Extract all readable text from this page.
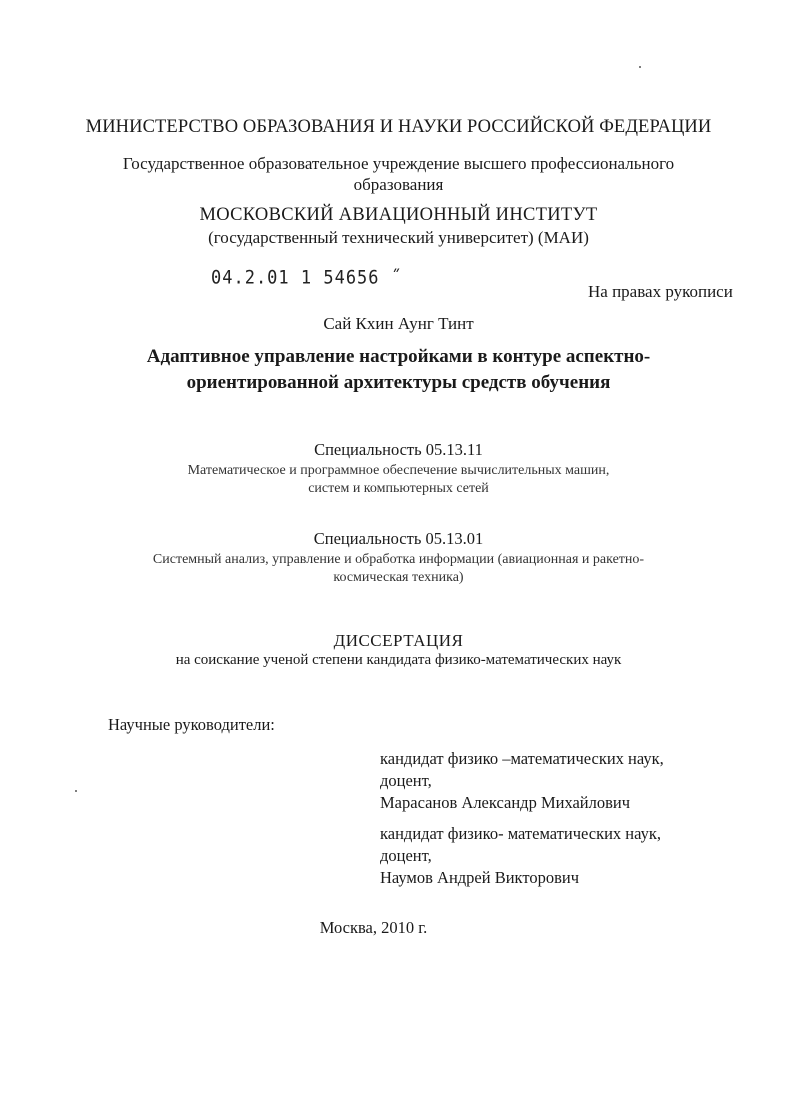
МИНИСТЕРСТВО ОБРАЗОВАНИЯ И НАУКИ РОССИЙСКОЙ ФЕДЕРАЦИИ
Государственное образовательное учреждение высшего профессионального
образования
МОСКОВСКИЙ АВИАЦИОННЫЙ ИНСТИТУТ
(государственный технический университет) (МАИ)
04.2.01 1 54656 ˝
На правах рукописи
Сай Кхин Аунг Тинт
Адаптивное управление настройками в контуре аспектно-
ориентированной архитектуры средств обучения
Специальность 05.13.11
Математическое и программное обеспечение вычислительных машин,
систем и компьютерных сетей
Специальность 05.13.01
Системный анализ, управление и обработка информации (авиационная и ракетно-
космическая техника)
ДИССЕРТАЦИЯ
на соискание ученой степени кандидата физико-математических наук
Научные руководители:
кандидат физико –математических наук,
доцент,
Марасанов Александр Михайлович
кандидат физико- математических наук,
доцент,
Наумов Андрей Викторович
Москва, 2010 г.
